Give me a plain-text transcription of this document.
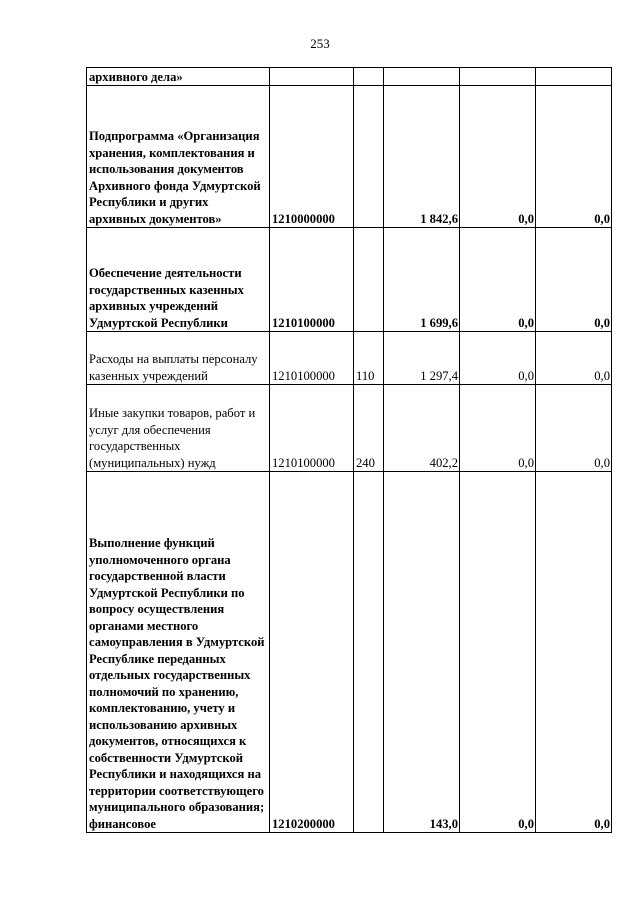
253
архивного дела»					

Подпрограмма «Организация хранения, комплектования и использования документов Архивного фонда Удмуртской Республики и других архивных документов»	1210000000		1 842,6	0,0	0,0

Обеспечение деятельности государственных казенных архивных учреждений Удмуртской Республики	1210100000		1 699,6	0,0	0,0

Расходы на выплаты персоналу казенных учреждений	1210100000	110	1 297,4	0,0	0,0

Иные закупки товаров, работ и услуг для обеспечения государственных (муниципальных) нужд	1210100000	240	402,2	0,0	0,0

Выполнение функций уполномоченного органа государственной власти Удмуртской Республики по вопросу осуществления органами местного самоуправления в Удмуртской Республике переданных отдельных государственных полномочий по хранению, комплектованию, учету и использованию архивных документов, относящихся к собственности Удмуртской Республики и находящихся на территории соответствующего муниципального образования; финансовое	1210200000		143,0	0,0	0,0
